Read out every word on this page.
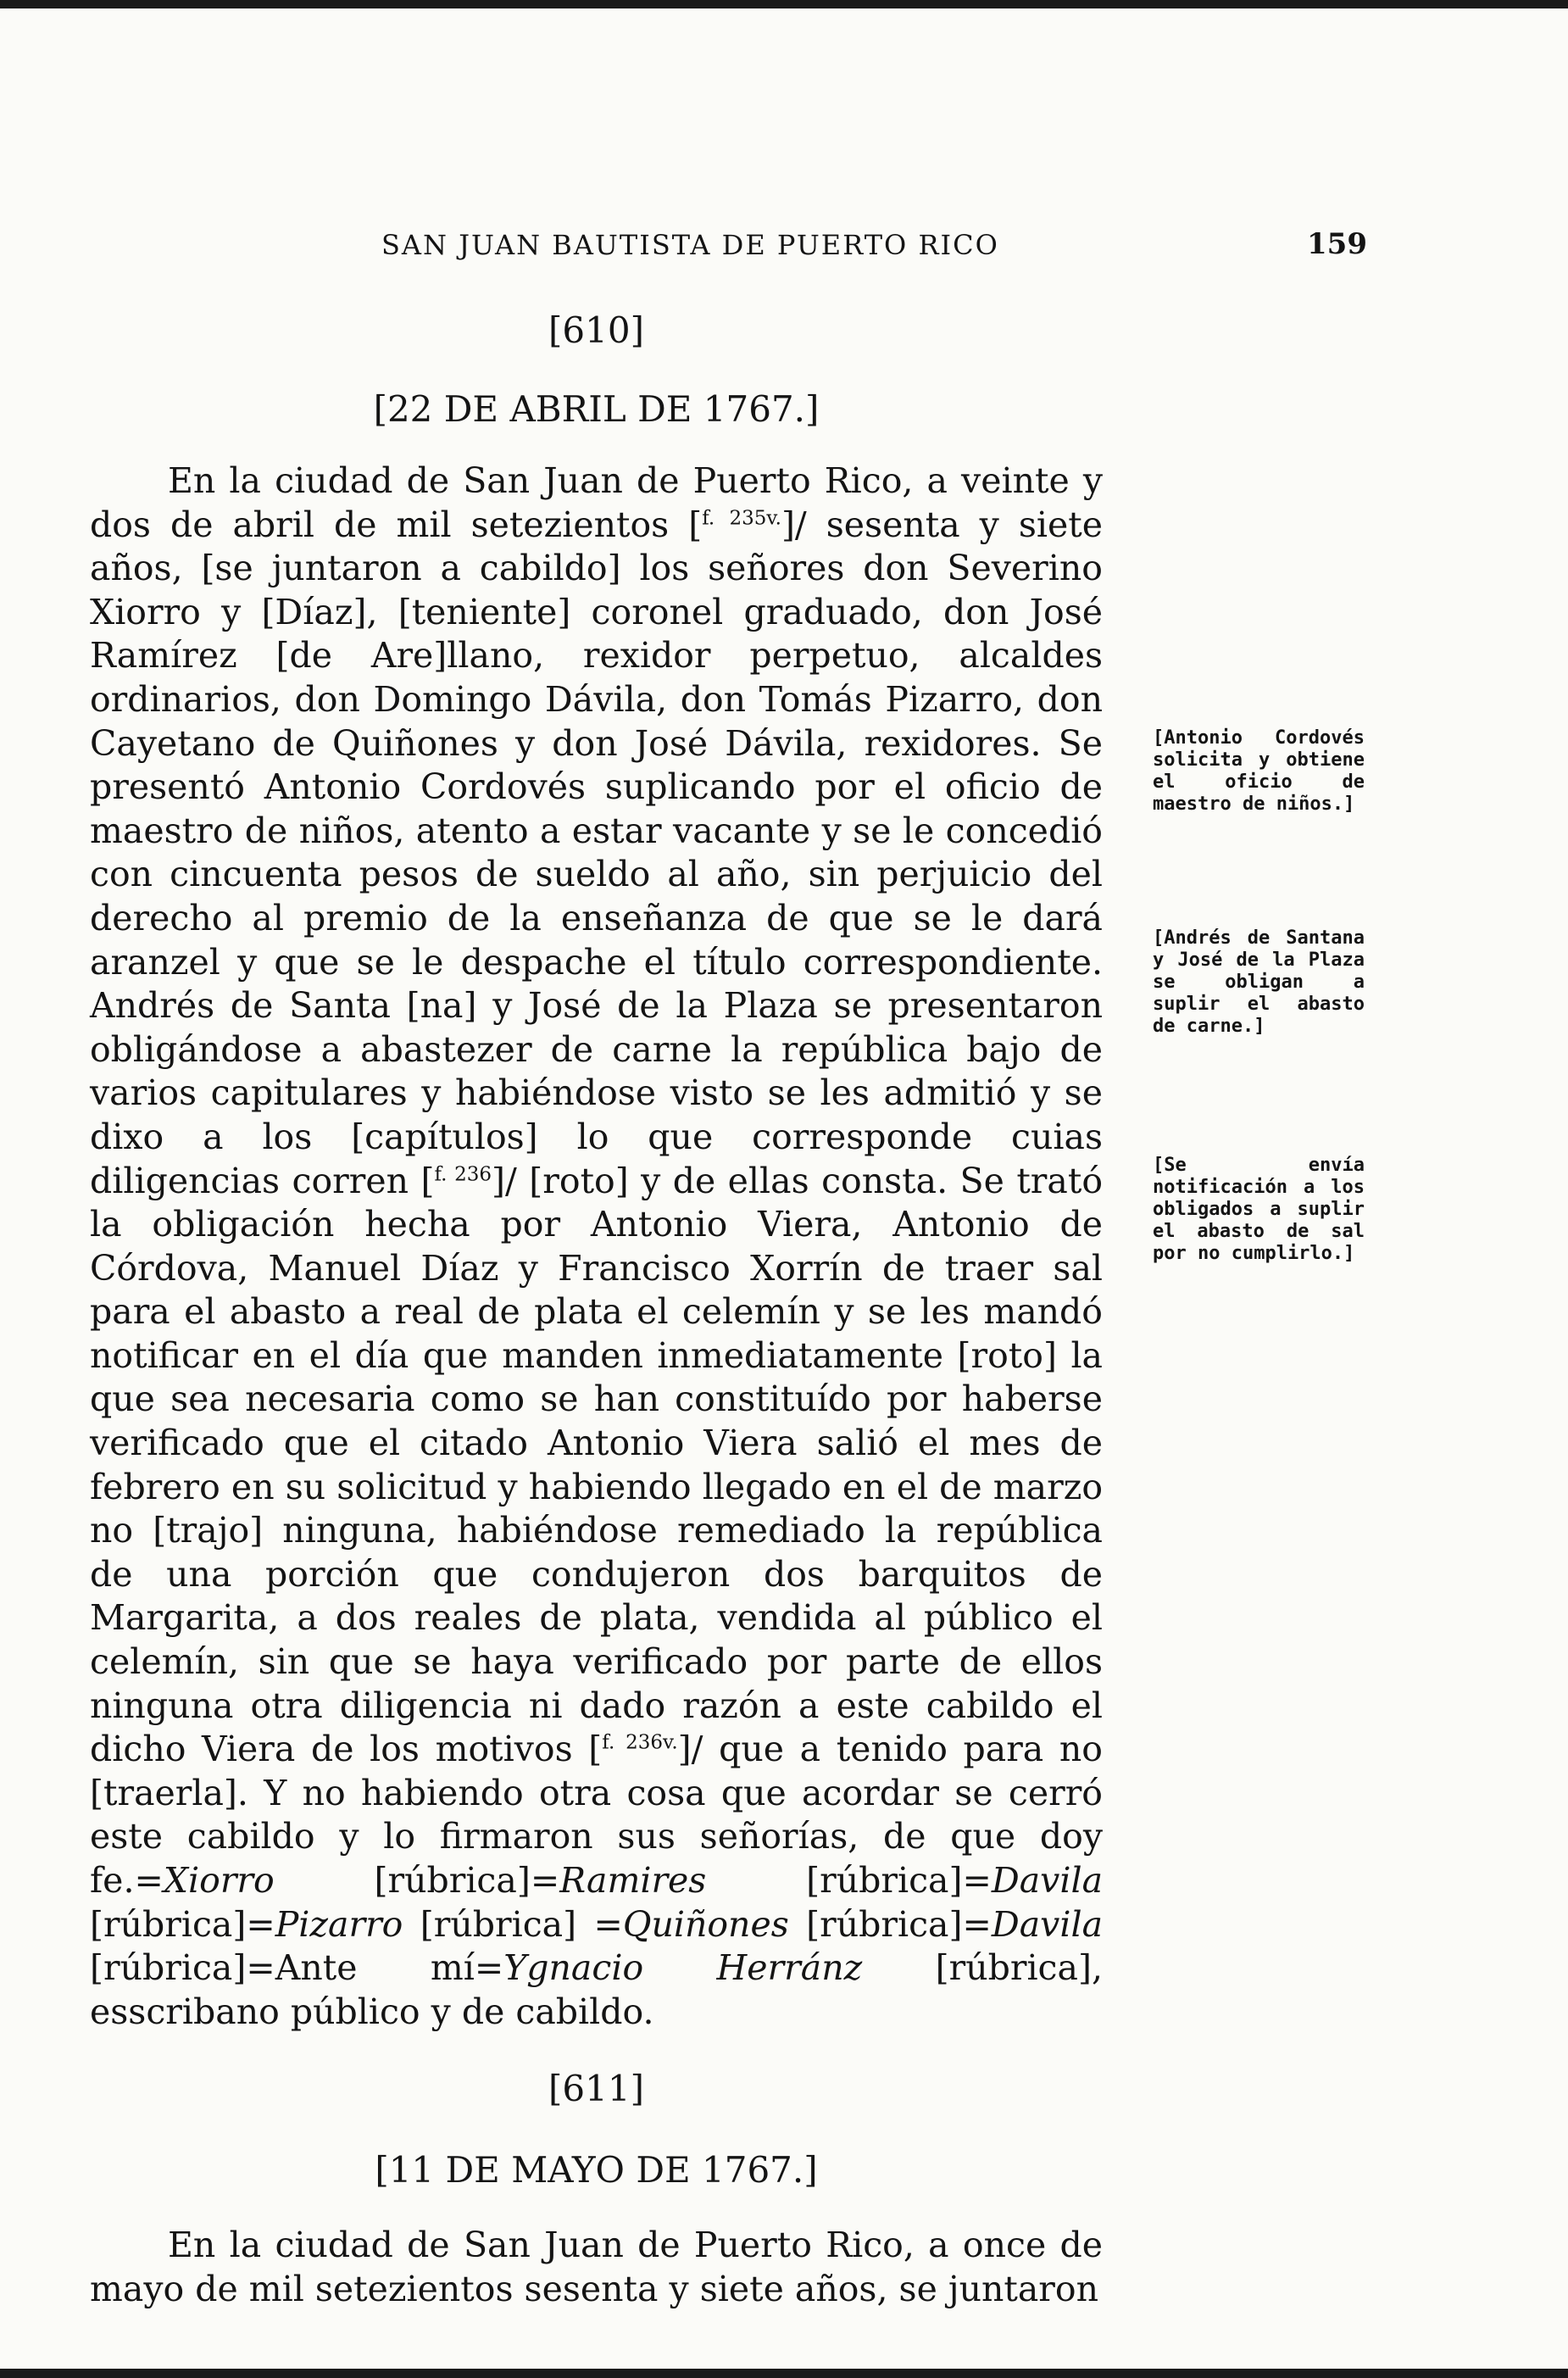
SAN JUAN BAUTISTA DE PUERTO RICO	159

[610]

[22 DE ABRIL DE 1767.]

En la ciudad de San Juan de Puerto Rico, a veinte y dos de abril de mil setezientos [$^{f. 235v.}$]/ sesenta y siete años, [se juntaron a cabildo] los señores don Severino Xiorro y [Díaz], [teniente] coronel graduado, don José Ramírez [de Are]llano, rexidor perpetuo, alcaldes ordinarios, don Domingo Dávila, don Tomás Pizarro, don Cayetano de Quiñones y don José Dávila, rexidores. Se presentó Antonio Cordovés suplicando por el oficio de maestro de niños, atento a estar vacante y se le concedió con cincuenta pesos de sueldo al año, sin perjuicio del derecho al premio de la enseñanza de que se le dará aranzel y que se le despache el título correspondiente. Andrés de Santa [na] y José de la Plaza se presentaron obligándose a abastezer de carne la república bajo de varios capitulares y habiéndose visto se les admitió y se dixo a los [capítulos] lo que corresponde cuias diligencias corren [$^{f. 236}$]/ [roto] y de ellas consta. Se trató la obligación hecha por Antonio Viera, Antonio de Córdova, Manuel Díaz y Francisco Xorrín de traer sal para el abasto a real de plata el celemín y se les mandó notificar en el día que manden inmediatamente [roto] la que sea necesaria como se han constituído por haberse verificado que el citado Antonio Viera salió el mes de febrero en su solicitud y habiendo llegado en el de marzo no [trajo] ninguna, habiéndose remediado la república de una porción que condujeron dos barquitos de Margarita, a dos reales de plata, vendida al público el celemín, sin que se haya verificado por parte de ellos ninguna otra diligencia ni dado razón a este cabildo el dicho Viera de los motivos [$^{f. 236v.}$]/ que a tenido para no [traerla]. Y no habiendo otra cosa que acordar se cerró este cabildo y lo firmaron sus señorías, de que doy fe.=Xiorro [rúbrica]=Ramires [rúbrica]=Davila [rúbrica]=Pizarro [rúbrica] =Quiñones [rúbrica]=Davila [rúbrica]=Ante mí=Ygnacio Herránz [rúbrica], esscribano público y de cabildo.

[611]

[11 DE MAYO DE 1767.]

En la ciudad de San Juan de Puerto Rico, a once de mayo de mil setezientos sesenta y siete años, se juntaron

[Antonio Cordovés solicita y obtiene el oficio de maestro de niños.]
[Andrés de Santana y José de la Plaza se obligan a suplir el abasto de carne.]
[Se envía notificación a los obligados a suplir el abasto de sal por no cumplirlo.]
